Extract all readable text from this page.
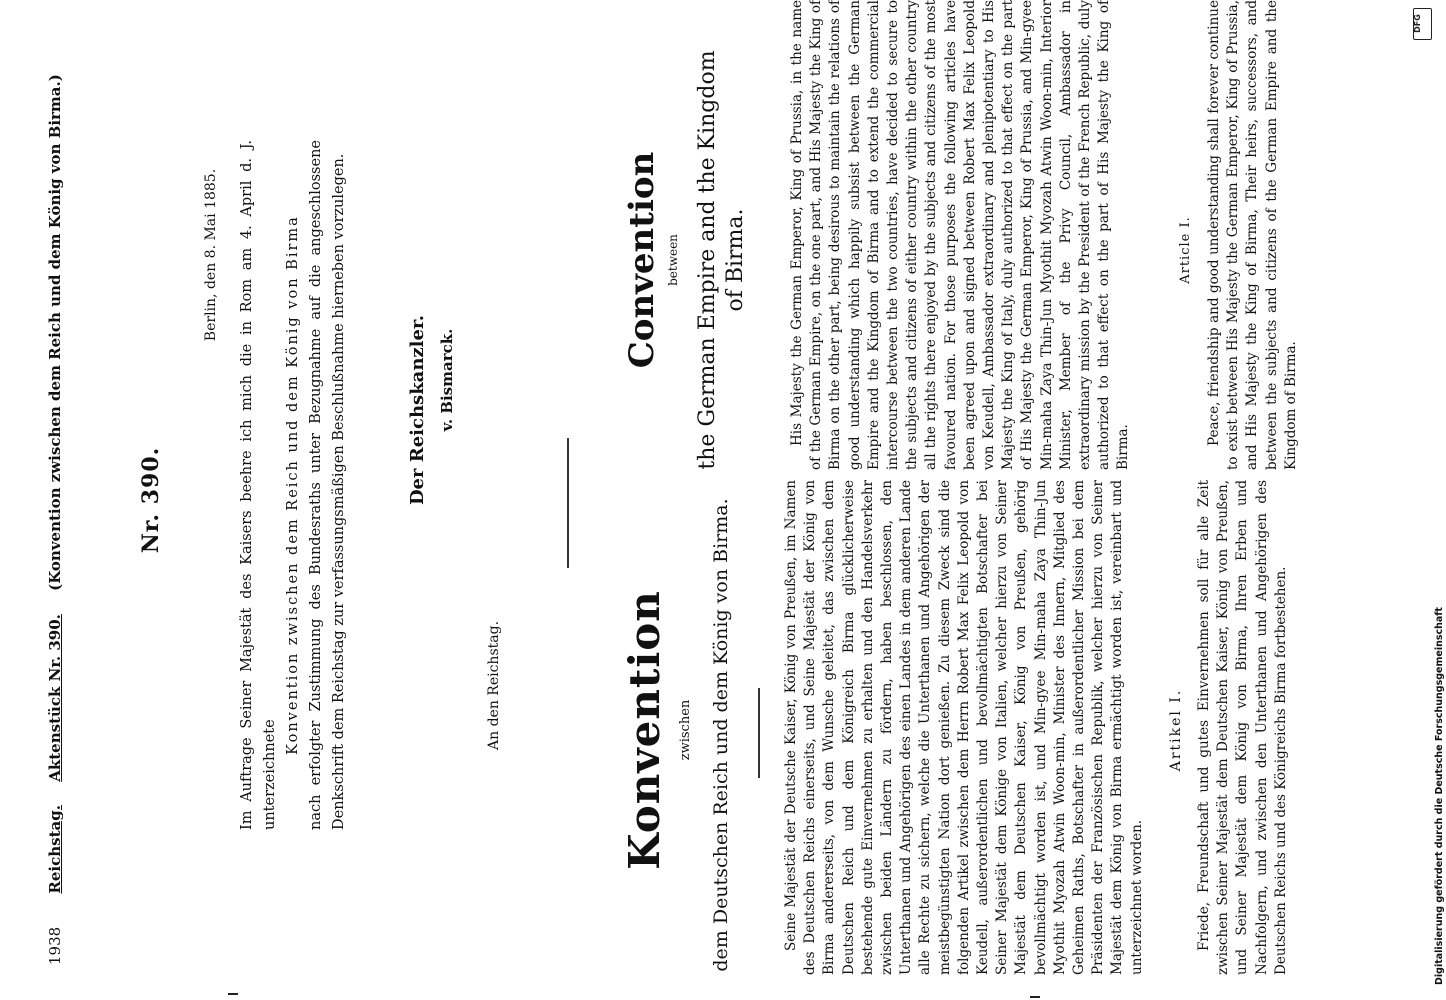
1938 Reichstag. Aktenstück Nr. 390. (Konvention zwischen dem Reich und dem König von Birma.)	Nr. 390.
Berlin, den 8. Mai 1885. Im Auftrage Seiner Majestät des Kaisers beehre ich mich die in Rom am 4. April d. J. unterzeichnete

Konvention zwischen dem Reich und dem König von Birma nach erfolgter Zustimmung des Bundesraths unter Bezugnahme auf die angeschlossene Denkschrift dem Reichstag zur verfassungsmäßigen Beschlußnahme hierneben vorzulegen.	Der Reichskanzler. v. Bismarck.
An den Reichstag.	Konvention zwischen dem Deutschen Reich und dem König von Birma.	Seine Majestät der Deutsche Kaiser, König von Preußen, im Namen des Deutschen Reichs einerseits, und Seine Majestät der König von Birma andererseits, von dem Wunsche geleitet, das zwischen dem Deutschen Reich und dem Königreich Birma glücklicherweise bestehende gute Einvernehmen zu erhalten und den Handelsverkehr zwischen beiden Ländern zu fördern, haben beschlossen, den Unterthanen und Angehörigen des einen Landes in dem anderen Lande alle Rechte zu sichern, welche die Unterthanen und Angehörigen der meistbegünstigten Nation dort genießen. Zu diesem Zweck sind die folgenden Artikel zwischen dem Herrn Robert Max Felix Leopold von Keudell, außerordentlichen und bevollmächtigten Botschafter bei Seiner Majestät dem Könige von Italien, welcher hierzu von Seiner Majestät dem Deutschen Kaiser, König von Preußen, gehörig bevollmächtigt worden ist, und Min-gyee Min-maha Zaya Thin-Jun Myothit Myozah Atwin Woon-min, Minister des Innern, Mitglied des Geheimen Raths, Botschafter in außerordentlicher Mission bei dem Präsidenten der Französischen Republik, welcher hierzu von Seiner Majestät dem König von Birma ermächtigt worden ist, vereinbart und unterzeichnet worden.

Artikel I. Friede, Freundschaft und gutes Einvernehmen soll für alle Zeit zwischen Seiner Majestät dem Deutschen Kaiser, König von Preußen, und Seiner Majestät dem König von Birma, Ihren Erben und Nachfolgern, und zwischen den Unterthanen und Angehörigen des Deutschen Reichs und des Königreichs Birma fortbestehen.

Convention between the German Empire and the Kingdom of Birma.	His Majesty the German Emperor, King of Prussia, in the name of the German Empire, on the one part, and His Majesty the King of Birma on the other part, being desirous to maintain the relations of good understanding which happily subsist between the German Empire and the Kingdom of Birma and to extend the commercial intercourse between the two countries, have decided to secure to the subjects and citizens of either country within the other country all the rights there enjoyed by the subjects and citizens of the most favoured nation. For those purposes the following articles have been agreed upon and signed between Robert Max Felix Leopold von Keudell, Ambassador extraordinary and plenipotentiary to His Majesty the King of Italy, duly authorized to that effect on the part of His Majesty the German Emperor, King of Prussia, and Min-gyee Min-maha Zaya Thin-Jun Myothit Myozah Atwin Woon-min, Interior Minister, Member of the Privy Council, Ambassador in extraordinary mission by the President of the French Republic, duly authorized to that effect on the part of His Majesty the King of Birma.

Article I. Peace, friendship and good understanding shall forever continue to exist between His Majesty the German Emperor, King of Prussia, and His Majesty the King of Birma, Their heirs, successors, and between the subjects and citizens of the German Empire and the Kingdom of Birma.

DFG
Digitalisierung gefördert durch die Deutsche Forschungsgemeinschaft
